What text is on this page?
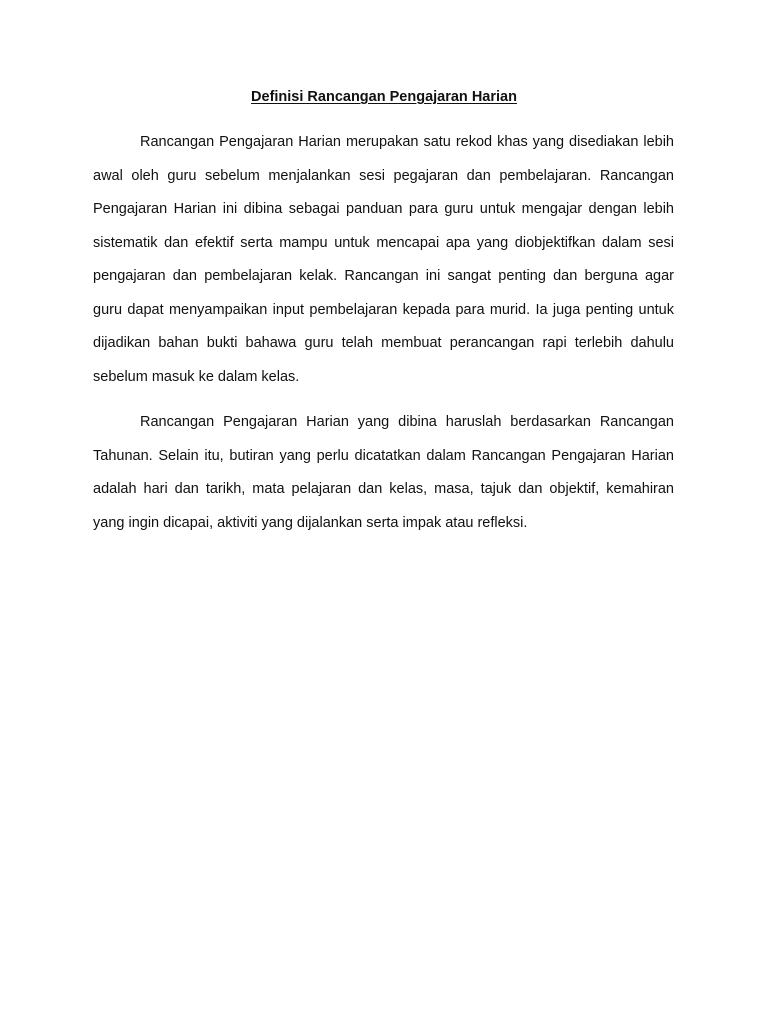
Definisi Rancangan Pengajaran Harian

Rancangan Pengajaran Harian merupakan satu rekod khas yang disediakan lebih awal oleh guru sebelum menjalankan sesi pegajaran dan pembelajaran. Rancangan Pengajaran Harian ini dibina sebagai panduan para guru untuk mengajar dengan lebih sistematik dan efektif serta mampu untuk mencapai apa yang diobjektifkan dalam sesi pengajaran dan pembelajaran kelak. Rancangan ini sangat penting dan berguna agar guru dapat menyampaikan input pembelajaran kepada para murid. Ia juga penting untuk dijadikan bahan bukti bahawa guru telah membuat perancangan rapi terlebih dahulu sebelum masuk ke dalam kelas.

Rancangan Pengajaran Harian yang dibina haruslah berdasarkan Rancangan Tahunan. Selain itu, butiran yang perlu dicatatkan dalam Rancangan Pengajaran Harian adalah hari dan tarikh, mata pelajaran dan kelas, masa, tajuk dan objektif, kemahiran yang ingin dicapai, aktiviti yang dijalankan serta impak atau refleksi.
